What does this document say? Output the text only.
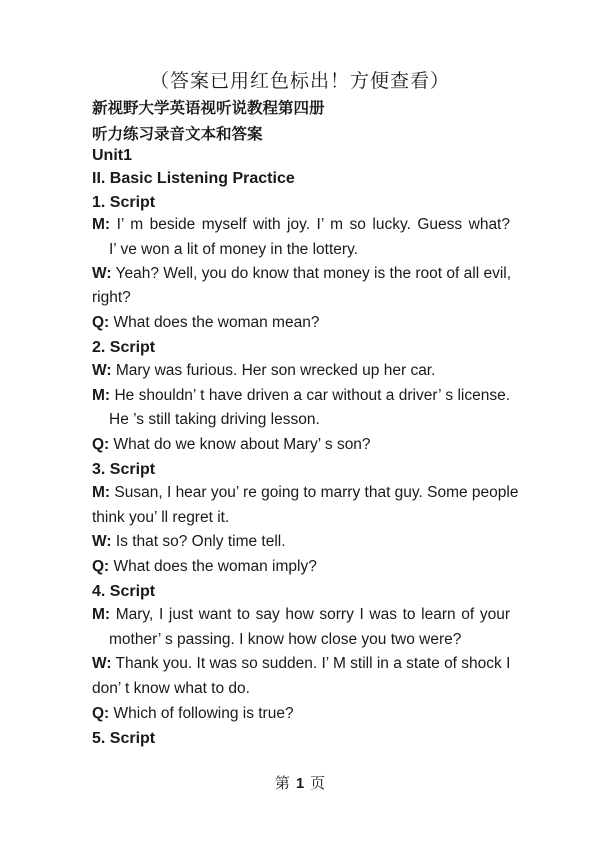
（答案已用红色标出！方便查看）
新视野大学英语视听说教程第四册
听力练习录音文本和答案
Unit1
II. Basic Listening Practice
1. Script
M: I’ m beside myself with joy. I’ m so lucky. Guess what?
I’ ve won a lit of money in the lottery.
W: Yeah? Well, you do know that money is the root of all evil,
right?
Q: What does the woman mean?
2. Script
W: Mary was furious. Her son wrecked up her car.
M: He shouldn’ t have driven a car without a driver’ s license.
He ’s still taking driving lesson.
Q: What do we know about Mary’ s son?
3. Script
M: Susan, I hear you’ re going to marry that guy. Some people
think you’ ll regret it.
W: Is that so? Only time tell.
Q: What does the woman imply?
4. Script
M: Mary, I just want to say how sorry I was to learn of your
mother’ s passing. I know how close you two were?
W: Thank you. It was so sudden. I’ M still in a state of shock I
don’ t know what to do.
Q: Which of following is true?
5. Script
第 1 页
